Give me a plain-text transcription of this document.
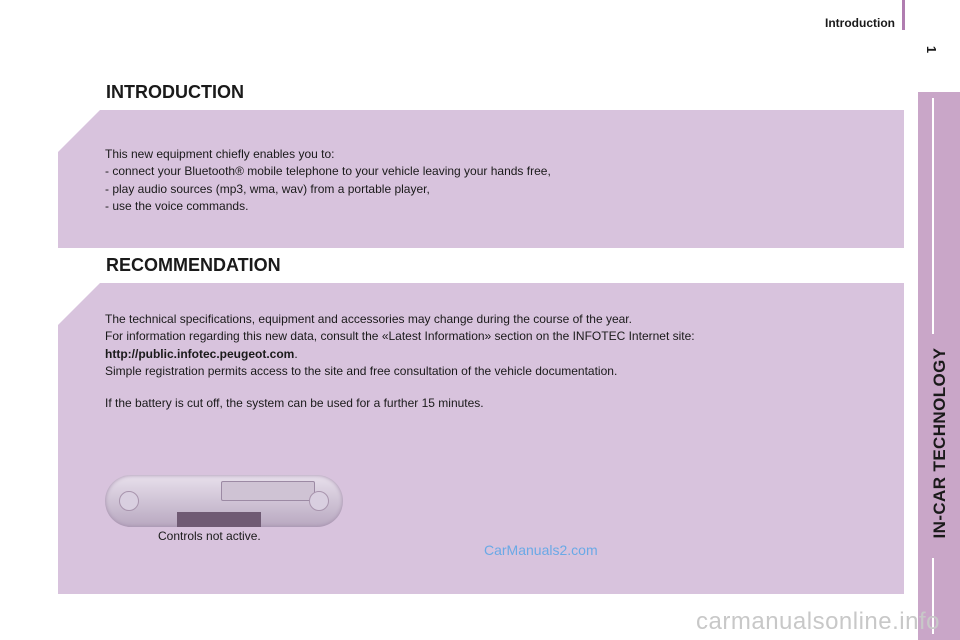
Introduction
1
IN-CAR TECHNOLOGY
INTRODUCTION

This new equipment chiefly enables you to:

- connect your Bluetooth® mobile telephone to your vehicle leaving your hands free,

- play audio sources (mp3, wma, wav) from a portable player,

- use the voice commands.

RECOMMENDATION

The technical specifications, equipment and accessories may change during the course of the year.

For information regarding this new data, consult the «Latest Information» section on the INFOTEC Internet site:

http://public.infotec.peugeot.com.

Simple registration permits access to the site and free consultation of the vehicle documentation.

If the battery is cut off, the system can be used for a further 15 minutes.

Controls not active.
CarManuals2.com
carmanualsonline.info
